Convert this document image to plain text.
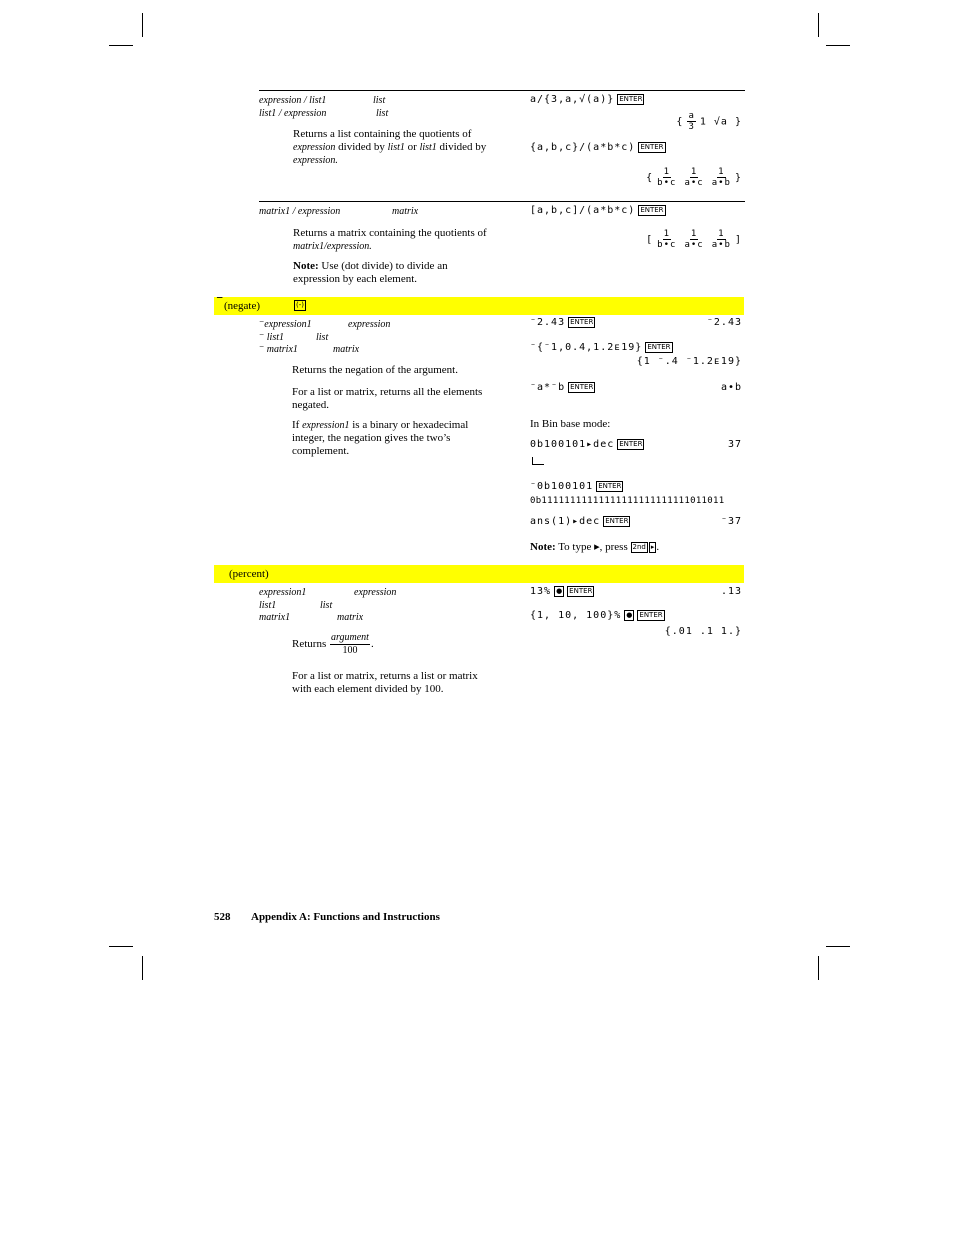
expression / list1	list
list1 / expression	list
Returns a list containing the quotients of
expression divided by list1 or list1 divided by
expression.
a/{3,a,√(a)} ENTER
{ $\frac{a}{3} 1$ √a }
{a,b,c}/(a*b*c) ENTER
{ $\frac{1}{b•c} \frac{1}{a•c} \frac{1}{a•b}$ }
matrix1 / expression	matrix
Returns a matrix containing the quotients of
matrix1/expression.
Note: Use (dot divide) to divide an
expression by each element.
[a,b,c]/(a*b*c) ENTER
[ $\frac{1}{b•c} \frac{1}{a•c} \frac{1}{a•b}$ ]
⁻ (negate)	(-)
⁻expression1	expression
⁻ list1	list
⁻ matrix1	matrix
Returns the negation of the argument.
For a list or matrix, returns all the elements
negated.
If expression1 is a binary or hexadecimal
integer, the negation gives the two’s
complement.
⁻2.43 ENTER	⁻2.43
⁻{⁻1,0.4,1.2ᴇ19} ENTER
{1 ⁻.4 ⁻1.2ᴇ19}
⁻a*⁻b ENTER	a•b
In Bin base mode:
0b100101▸dec ENTER	37
⁻0b100101 ENTER
0b11111111111111111111111111011011
ans(1)▸dec ENTER	⁻37
Note: To type ▸, press 2nd ▸ .
(percent)
expression1	expression
list1	list
matrix1	matrix
Returns $\frac{\text{argument}}{100}$ .
For a list or matrix, returns a list or matrix
with each element divided by 100.
13% ● ENTER	.13
{1, 10, 100}% ● ENTER
{.01 .1 1.}
528 Appendix A: Functions and Instructions
